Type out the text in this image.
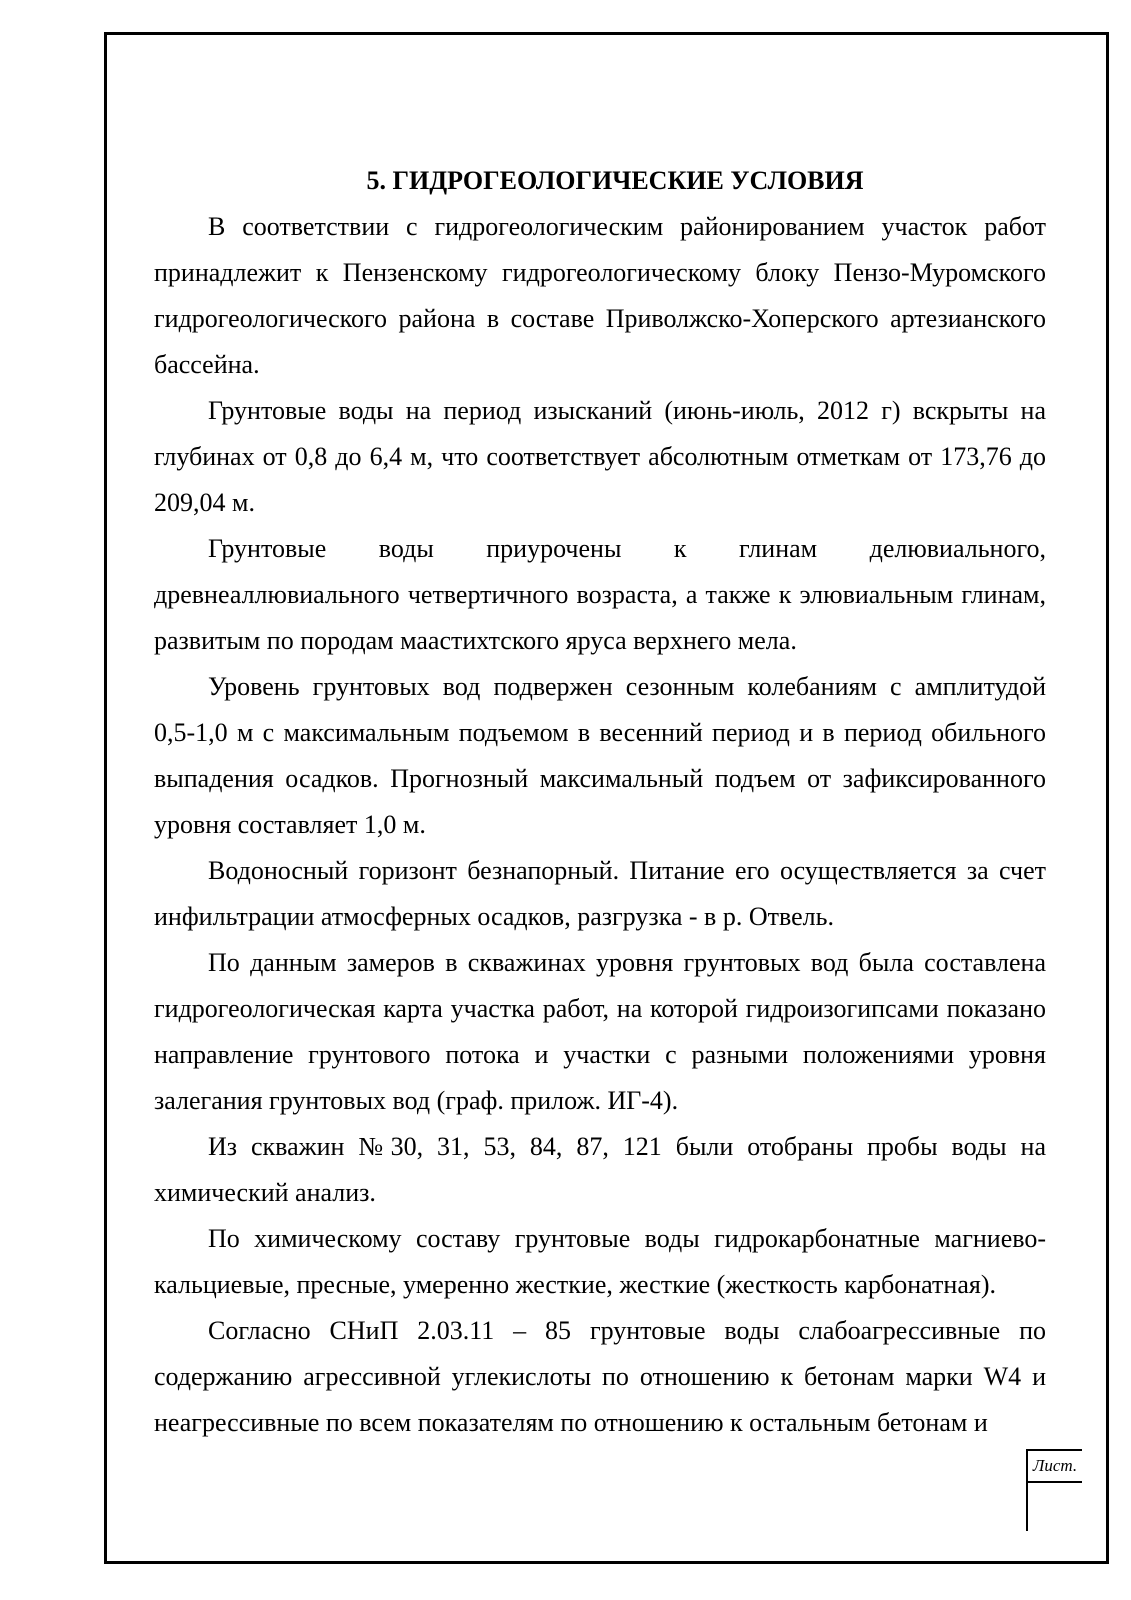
Лист.
5. ГИДРОГЕОЛОГИЧЕСКИЕ УСЛОВИЯ

В соответствии с гидрогеологическим районированием участок работ принадлежит к Пензенскому гидрогеологическому блоку Пензо-Муромского гидрогеологического района в составе Приволжско-Хоперского артезианского бассейна.

Грунтовые воды на период изысканий (июнь-июль, 2012 г) вскрыты на глубинах от 0,8 до 6,4 м, что соответствует абсолютным отметкам от 173,76 до 209,04 м.

Грунтовые воды приурочены к глинам делювиального, древнеаллювиального четвертичного возраста, а также к элювиальным глинам, развитым по породам маастихтского яруса верхнего мела.

Уровень грунтовых вод подвержен сезонным колебаниям с амплитудой 0,5-1,0 м с максимальным подъемом в весенний период и в период обильного выпадения осадков. Прогнозный максимальный подъем от зафиксированного уровня составляет 1,0 м.

Водоносный горизонт безнапорный. Питание его осуществляется за счет инфильтрации атмосферных осадков, разгрузка - в р. Отвель.

По данным замеров в скважинах уровня грунтовых вод была составлена гидрогеологическая карта участка работ, на которой гидроизогипсами показано направление грунтового потока и участки с разными положениями уровня залегания грунтовых вод (граф. прилож. ИГ-4).

Из скважин №30, 31, 53, 84, 87, 121 были отобраны пробы воды на химический анализ.

По химическому составу грунтовые воды гидрокарбонатные магниево-кальциевые, пресные, умеренно жесткие, жесткие (жесткость карбонатная).

Согласно СНиП 2.03.11 – 85 грунтовые воды слабоагрессивные по содержанию агрессивной углекислоты по отношению к бетонам марки W4 и неагрессивные по всем показателям по отношению к остальным бетонам и
